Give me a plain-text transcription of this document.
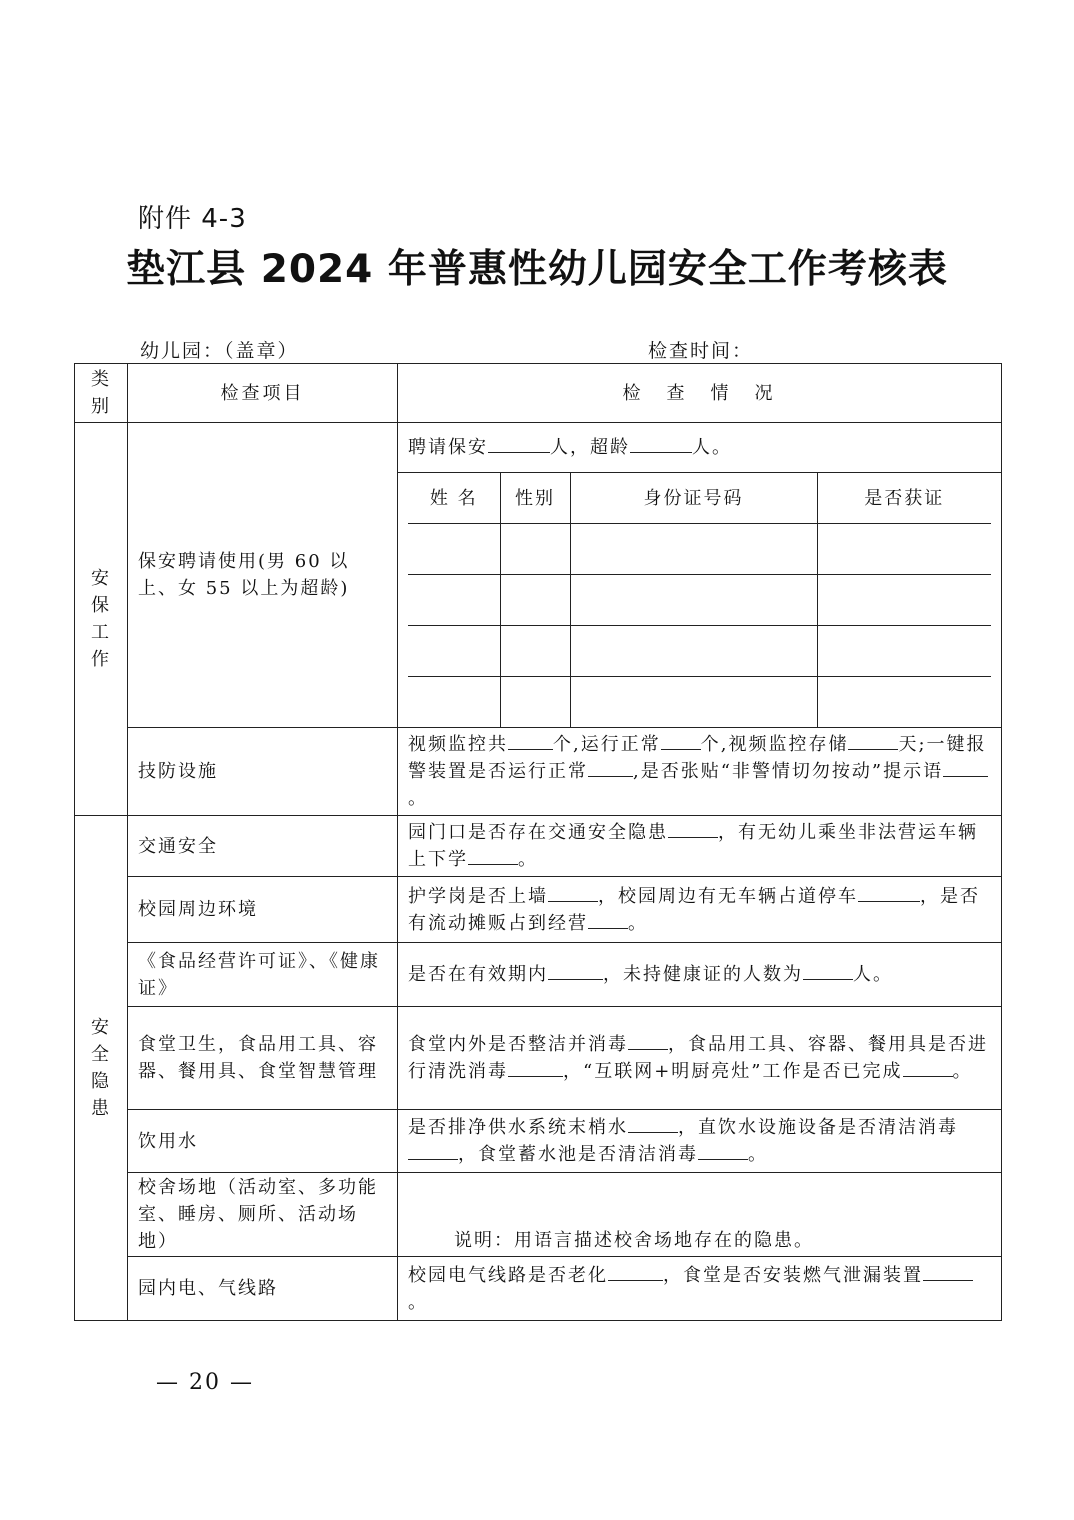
附件 4-3
垫江县 2024 年普惠性幼儿园安全工作考核表
幼儿园：（盖章）	检查时间：
类别	检查项目	检　查　情　况
安保工作	保安聘请使用(男 60 以上、女 55 以上为超龄)	聘请保安	人，超龄	人。

姓 名	性别	身份证号码	是否获证

技防设施	视频监控共	个,运行正常 个,视频监控存储	天;一键报警装置是否运行正常	,是否张贴“非警情切勿按动”提示语。
安全隐患	交通安全	园门口是否存在交通安全隐患	，有无幼儿乘坐非法营运车辆上下学	。
校园周边环境	护学岗是否上墙	，校园周边有无车辆占道停车	，是否有流动摊贩占到经营 。
《食品经营许可证》、《健康证》	是否在有效期内	，未持健康证的人数为	人。
食堂卫生，食品用工具、容器、餐用具、食堂智慧管理	食堂内外是否整洁并消毒 ，食品用工具、容器、餐用具是否进行清洗消毒	，“互联网+明厨亮灶”工作是否已完成	。
饮用水	是否排净供水系统末梢水	，直饮水设施设备是否清洁消毒，食堂蓄水池是否清洁消毒	。
校舍场地（活动室、多功能室、睡房、厕所、活动场地）	说明：用语言描述校舍场地存在的隐患。
园内电、气线路	校园电气线路是否老化	，食堂是否安装燃气泄漏装置。
— 20 —
